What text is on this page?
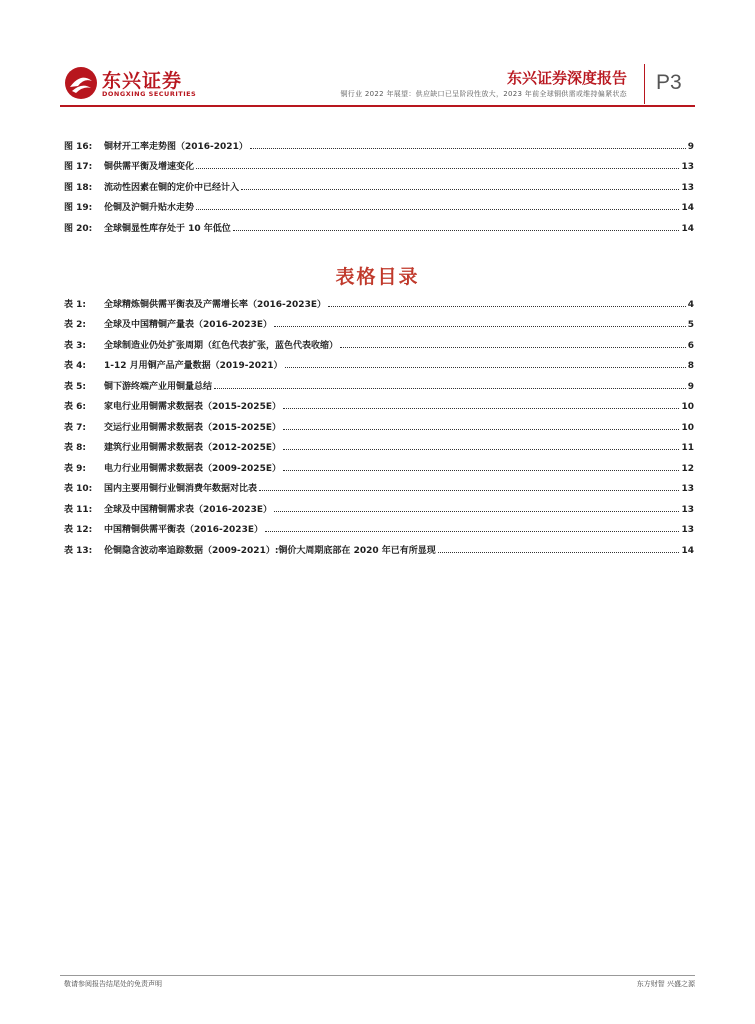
东兴证券
DONGXING SECURITIES
东兴证券深度报告
铜行业 2022 年展望：供应缺口已呈阶段性放大，2023 年前全球铜供需或维持偏紧状态 P3
图 16:	铜材开工率走势图（2016-2021）	9
图 17:	铜供需平衡及增速变化	13
图 18:	流动性因素在铜的定价中已经计入	13
图 19:	伦铜及沪铜升贴水走势	14
图 20:	全球铜显性库存处于 10 年低位	14
表格目录
表 1:	全球精炼铜供需平衡表及产需增长率（2016-2023E）	4
表 2:	全球及中国精铜产量表（2016-2023E）	5
表 3:	全球制造业仍处扩张周期（红色代表扩张，蓝色代表收缩）	6
表 4:	1-12 月用铜产品产量数据（2019-2021）	8
表 5:	铜下游终端产业用铜量总结	9
表 6:	家电行业用铜需求数据表（2015-2025E）	10
表 7:	交运行业用铜需求数据表（2015-2025E）	10
表 8:	建筑行业用铜需求数据表（2012-2025E）	11
表 9:	电力行业用铜需求数据表（2009-2025E）	12
表 10:	国内主要用铜行业铜消费年数据对比表	13
表 11:	全球及中国精铜需求表（2016-2023E）	13
表 12:	中国精铜供需平衡表（2016-2023E）	13
表 13:	伦铜隐含波动率追踪数据（2009-2021）:铜价大周期底部在 2020 年已有所显现	14
敬请参阅报告结尾处的免责声明	东方财智 兴盛之源
